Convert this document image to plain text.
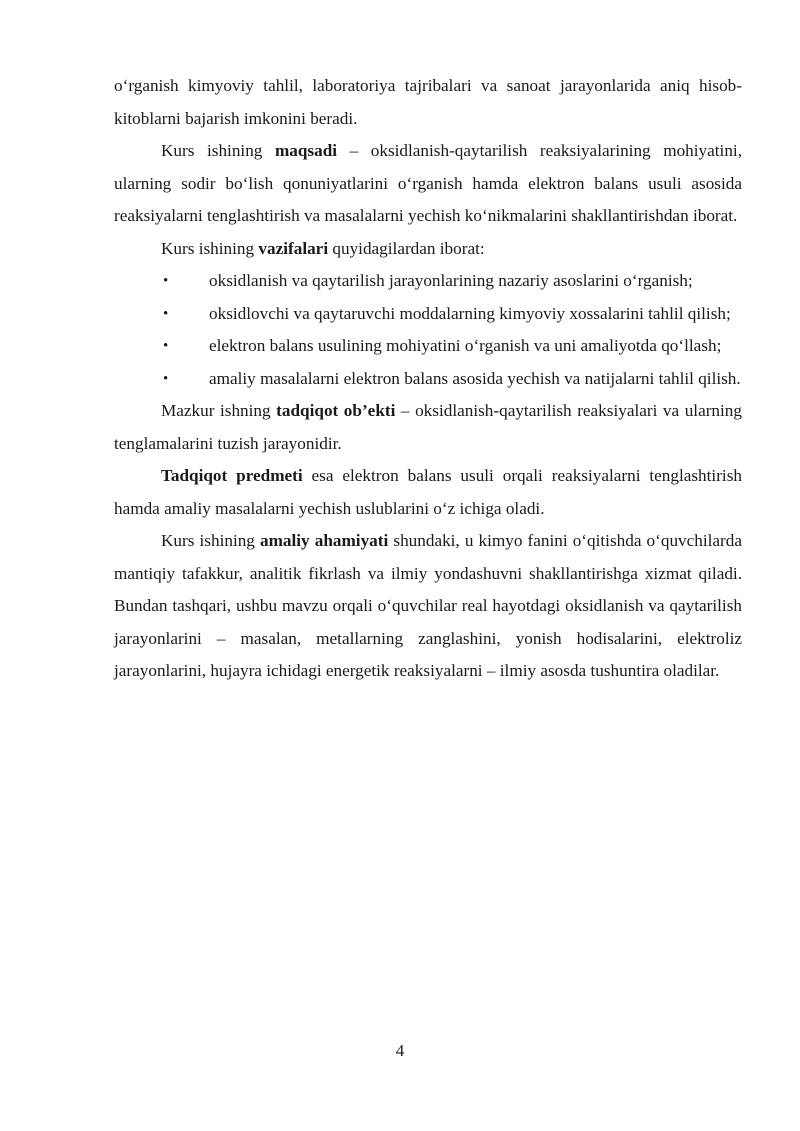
o‘rganish kimyoviy tahlil, laboratoriya tajribalari va sanoat jarayonlarida aniq hisob-kitoblarni bajarish imkonini beradi.

Kurs ishining maqsadi – oksidlanish-qaytarilish reaksiyalarining mohiyatini, ularning sodir bo‘lish qonuniyatlarini o‘rganish hamda elektron balans usuli asosida reaksiyalarni tenglashtirish va masalalarni yechish ko‘nikmalarini shakllantirishdan iborat.

Kurs ishining vazifalari quyidagilardan iborat:

• oksidlanish va qaytarilish jarayonlarining nazariy asoslarini o‘rganish;

• oksidlovchi va qaytaruvchi moddalarning kimyoviy xossalarini tahlil qilish;

• elektron balans usulining mohiyatini o‘rganish va uni amaliyotda qo‘llash;

• amaliy masalalarni elektron balans asosida yechish va natijalarni tahlil qilish.

Mazkur ishning tadqiqot ob’ekti – oksidlanish-qaytarilish reaksiyalari va ularning tenglamalarini tuzish jarayonidir.

Tadqiqot predmeti esa elektron balans usuli orqali reaksiyalarni tenglashtirish hamda amaliy masalalarni yechish uslublarini o‘z ichiga oladi.

Kurs ishining amaliy ahamiyati shundaki, u kimyo fanini o‘qitishda o‘quvchilarda mantiqiy tafakkur, analitik fikrlash va ilmiy yondashuvni shakllantirishga xizmat qiladi. Bundan tashqari, ushbu mavzu orqali o‘quvchilar real hayotdagi oksidlanish va qaytarilish jarayonlarini – masalan, metallarning zanglashini, yonish hodisalarini, elektroliz jarayonlarini, hujayra ichidagi energetik reaksiyalarni – ilmiy asosda tushuntira oladilar.

4
